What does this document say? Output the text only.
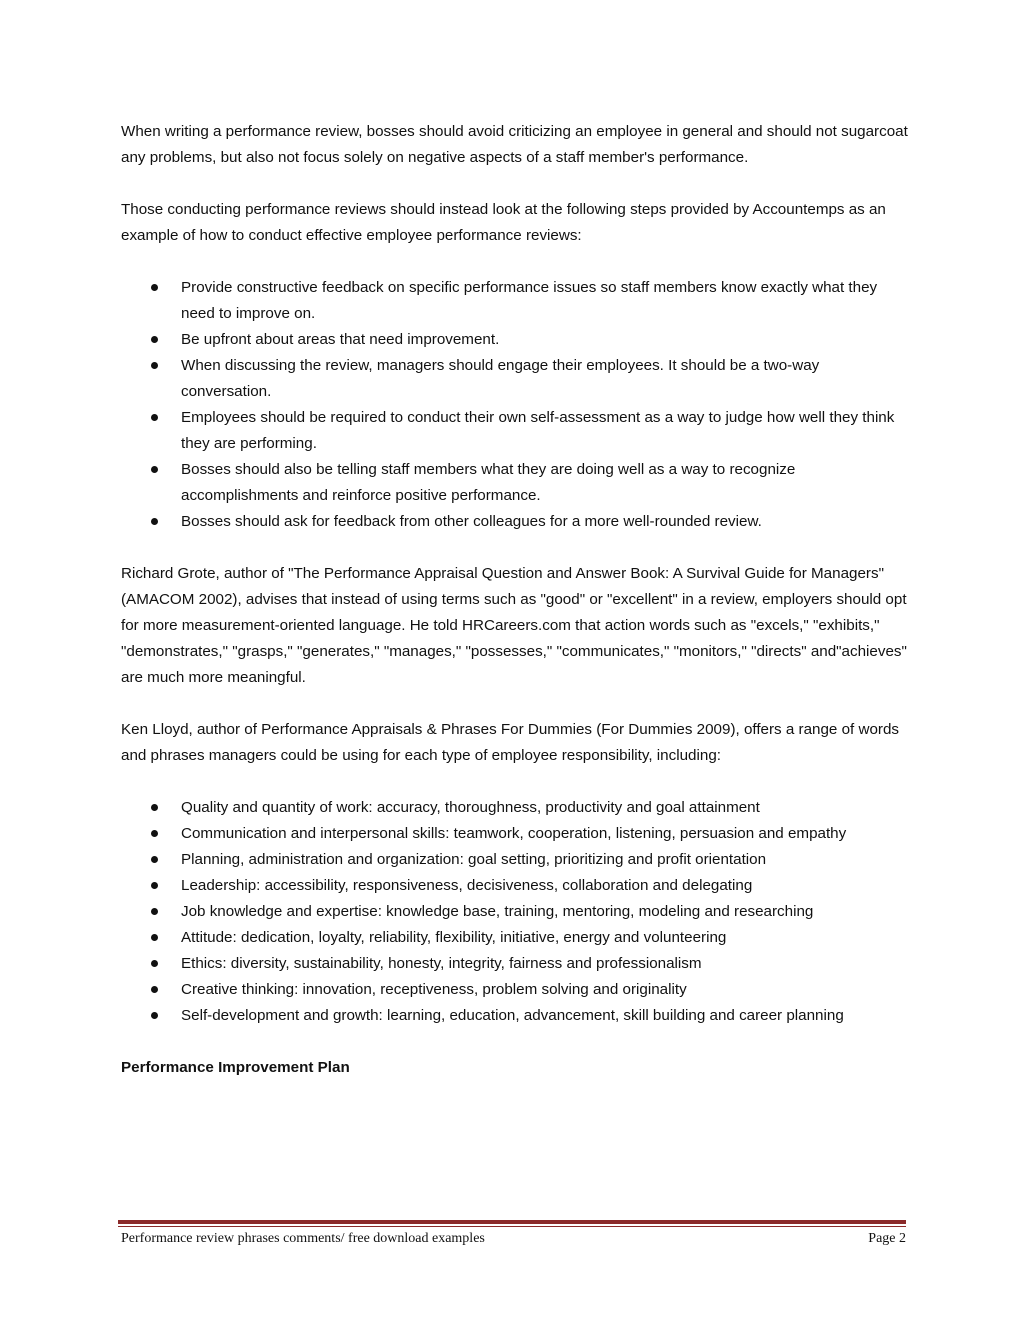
When writing a performance review, bosses should avoid criticizing an employee in general and should not sugarcoat any problems, but also not focus solely on negative aspects of a staff member's performance.

Those conducting performance reviews should instead look at the following steps provided by Accountemps as an example of how to conduct effective employee performance reviews:

Provide constructive feedback on specific performance issues so staff members know exactly what they need to improve on.
Be upfront about areas that need improvement.
When discussing the review, managers should engage their employees. It should be a two-way conversation.
Employees should be required to conduct their own self-assessment as a way to judge how well they think they are performing.
Bosses should also be telling staff members what they are doing well as a way to recognize accomplishments and reinforce positive performance.
Bosses should ask for feedback from other colleagues for a more well-rounded review.

Richard Grote, author of "The Performance Appraisal Question and Answer Book: A Survival Guide for Managers" (AMACOM 2002), advises that instead of using terms such as "good" or "excellent" in a review, employers should opt for more measurement-oriented language. He told HRCareers.com that action words such as "excels," "exhibits," "demonstrates," "grasps," "generates," "manages," "possesses," "communicates," "monitors," "directs" and"achieves" are much more meaningful.

Ken Lloyd, author of Performance Appraisals & Phrases For Dummies (For Dummies 2009), offers a range of words and phrases managers could be using for each type of employee responsibility, including:

Quality and quantity of work: accuracy, thoroughness, productivity and goal attainment
Communication and interpersonal skills: teamwork, cooperation, listening, persuasion and empathy
Planning, administration and organization: goal setting, prioritizing and profit orientation
Leadership: accessibility, responsiveness, decisiveness, collaboration and delegating
Job knowledge and expertise: knowledge base, training, mentoring, modeling and researching
Attitude: dedication, loyalty, reliability, flexibility, initiative, energy and volunteering
Ethics: diversity, sustainability, honesty, integrity, fairness and professionalism
Creative thinking: innovation, receptiveness, problem solving and originality
Self-development and growth: learning, education, advancement, skill building and career planning

Performance Improvement Plan

Performance review phrases comments/ free download examples	Page 2
